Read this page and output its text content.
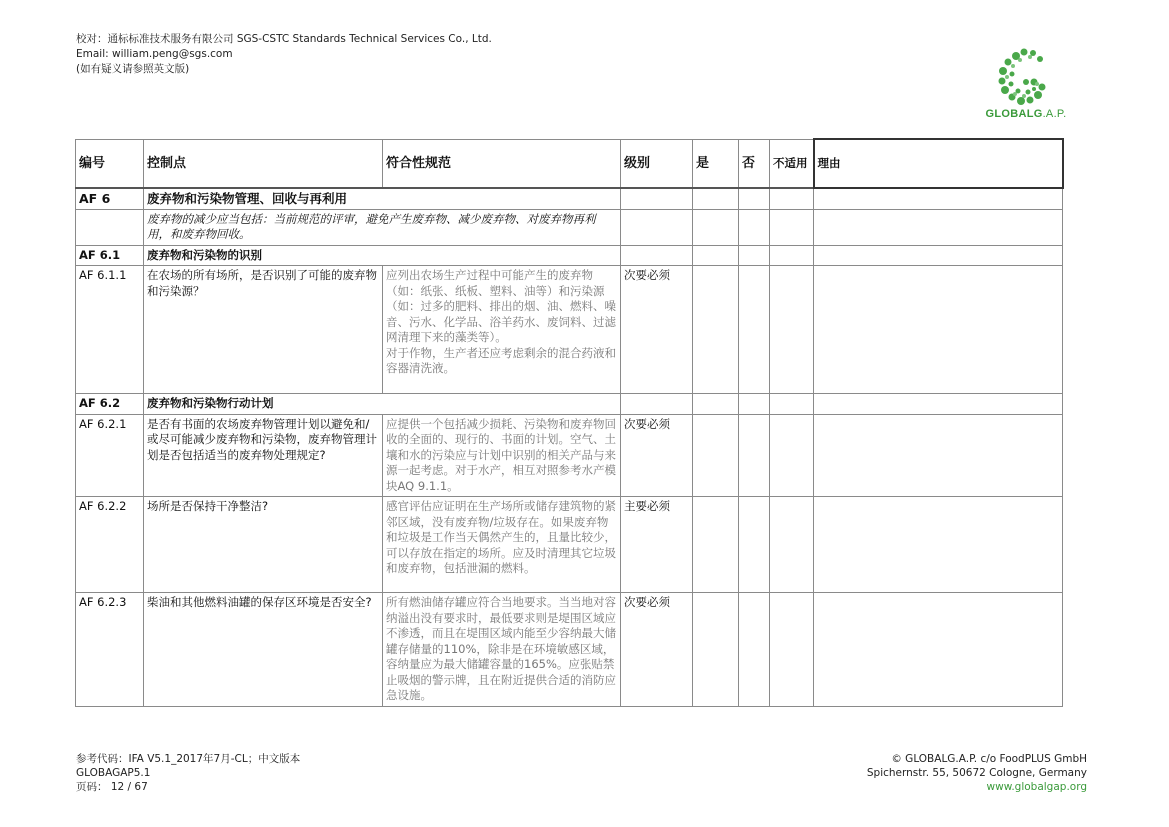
校对：通标标准技术服务有限公司 SGS-CSTC Standards Technical Services Co., Ltd.
Email: william.peng@sgs.com
(如有疑义请参照英文版)
GLOBALG.A.P.
编号	控制点	符合性规范	级别	是	否	不适用	理由
AF 6	废弃物和污染物管理、回收与再利用						
	废弃物的减少应当包括：当前规范的评审，避免产生废弃物、减少废弃物、对废弃物再利用，和废弃物回收。						
AF 6.1	废弃物和污染物的识别						
AF 6.1.1	在农场的所有场所，是否识别了可能的废弃物和污染源？	应列出农场生产过程中可能产生的废弃物（如：纸张、纸板、塑料、油等）和污染源（如：过多的肥料、排出的烟、油、燃料、噪音、污水、化学品、浴羊药水、废饲料、过滤网清理下来的藻类等）。
对于作物，生产者还应考虑剩余的混合药液和容器清洗液。	次要必须				
AF 6.2	废弃物和污染物行动计划						
AF 6.2.1	是否有书面的农场废弃物管理计划以避免和/或尽可能减少废弃物和污染物，废弃物管理计划是否包括适当的废弃物处理规定?	应提供一个包括减少损耗、污染物和废弃物回收的全面的、现行的、书面的计划。空气、土壤和水的污染应与计划中识别的相关产品与来源一起考虑。对于水产，相互对照参考水产模块AQ 9.1.1。	次要必须				
AF 6.2.2	场所是否保持干净整洁?	感官评估应证明在生产场所或储存建筑物的紧邻区域，没有废弃物/垃圾存在。如果废弃物和垃圾是工作当天偶然产生的，且量比较少，可以存放在指定的场所。应及时清理其它垃圾和废弃物，包括泄漏的燃料。	主要必须				
AF 6.2.3	柴油和其他燃料油罐的保存区环境是否安全?	所有燃油储存罐应符合当地要求。当当地对容纳溢出没有要求时，最低要求则是堤围区域应不渗透，而且在堤围区域内能至少容纳最大储罐存储量的110%，除非是在环境敏感区域，容纳量应为最大储罐容量的165%。应张贴禁止吸烟的警示牌，且在附近提供合适的消防应急设施。	次要必须				
参考代码：IFA V5.1_2017年7月-CL；中文版本
GLOBAGAP5.1
页码： 12 / 67
© GLOBALG.A.P. c/o FoodPLUS GmbH
Spichernstr. 55, 50672 Cologne, Germany
www.globalgap.org
